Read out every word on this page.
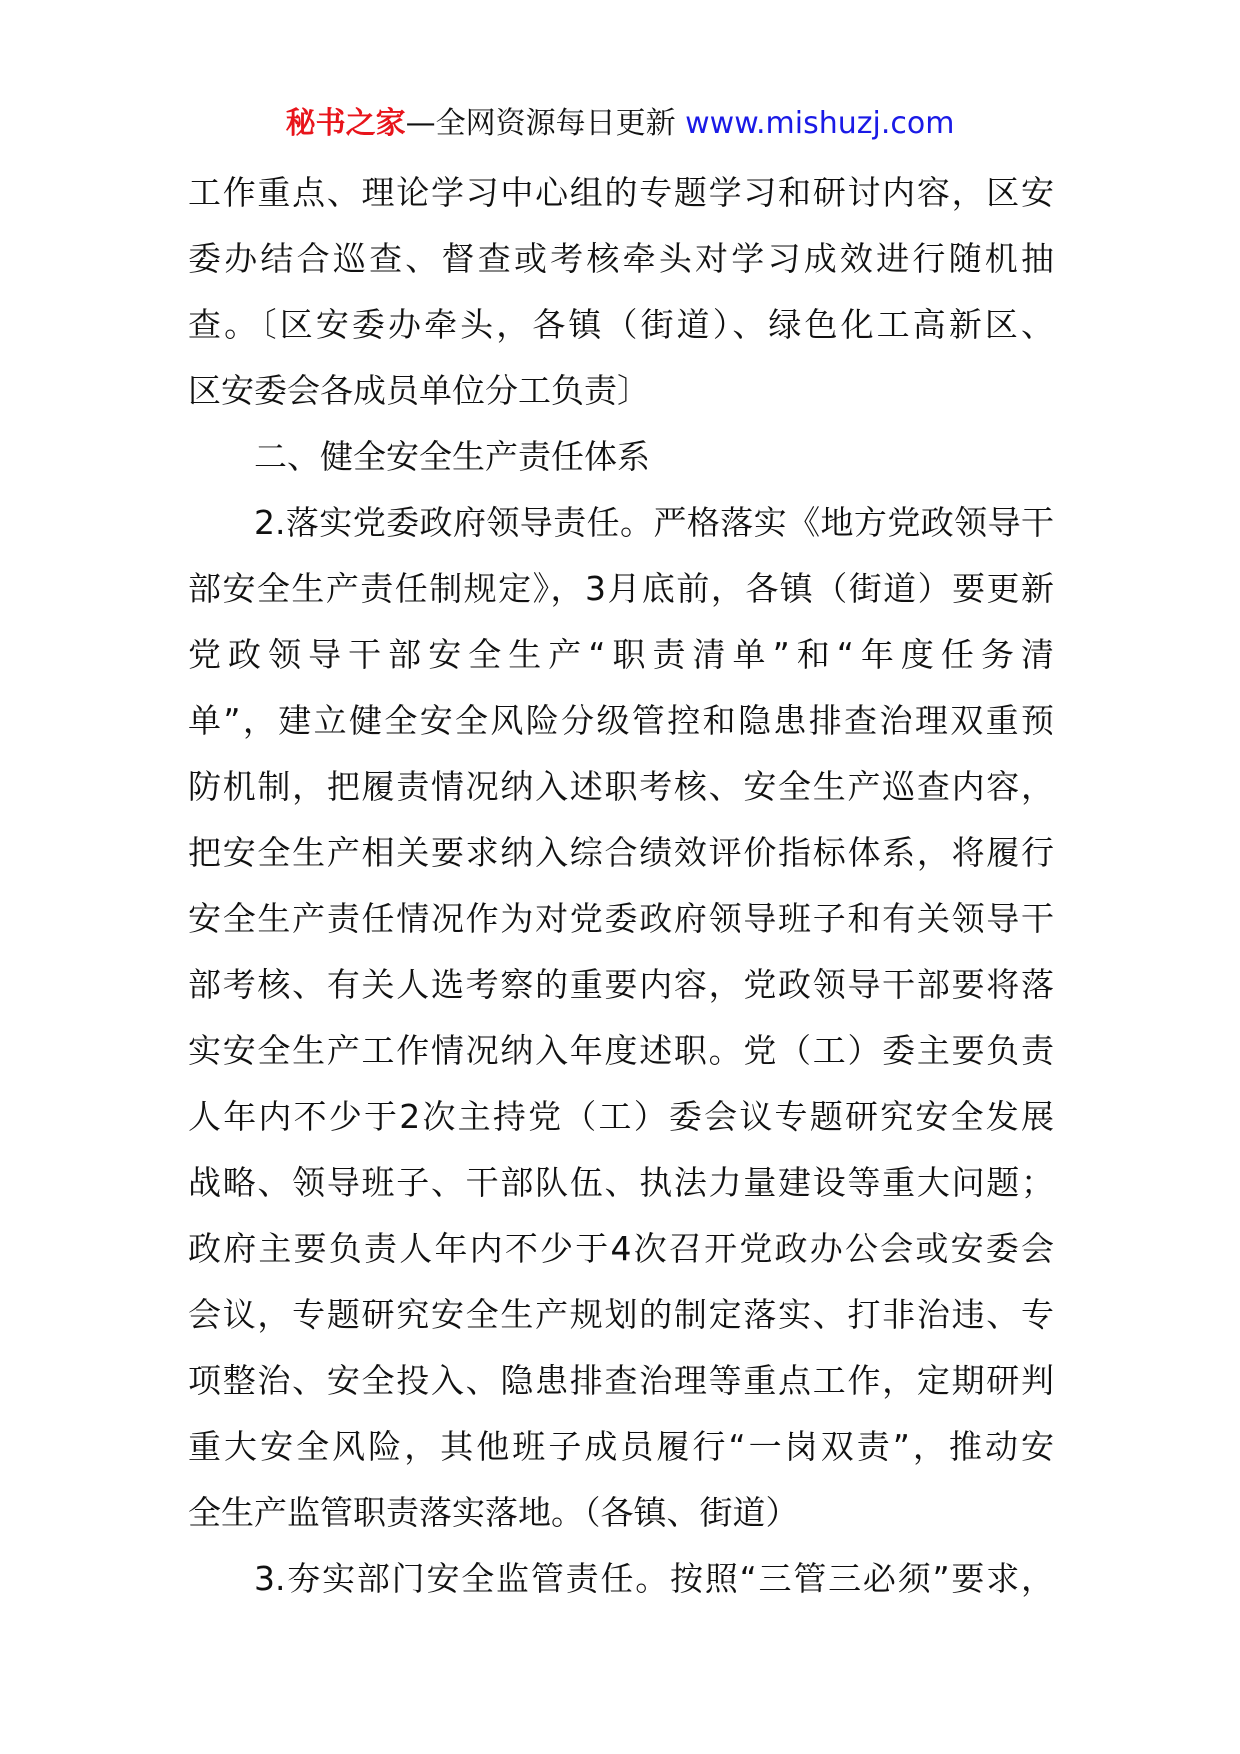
秘书之家—全网资源每日更新 www.mishuzj.com
工作重点、理论学习中心组的专题学习和研讨内容，区安
委办结合巡查、督查或考核牵头对学习成效进行随机抽
查。〔区安委办牵头，各镇（街道）、绿色化工高新区、
区安委会各成员单位分工负责〕
二、健全安全生产责任体系
2.落实党委政府领导责任。严格落实《地方党政领导干
部安全生产责任制规定》，3月底前，各镇（街道）要更新
党政领导干部安全生产“职责清单”和“年度任务清
单”，建立健全安全风险分级管控和隐患排查治理双重预
防机制，把履责情况纳入述职考核、安全生产巡查内容，
把安全生产相关要求纳入综合绩效评价指标体系，将履行
安全生产责任情况作为对党委政府领导班子和有关领导干
部考核、有关人选考察的重要内容，党政领导干部要将落
实安全生产工作情况纳入年度述职。党（工）委主要负责
人年内不少于2次主持党（工）委会议专题研究安全发展
战略、领导班子、干部队伍、执法力量建设等重大问题；
政府主要负责人年内不少于4次召开党政办公会或安委会
会议，专题研究安全生产规划的制定落实、打非治违、专
项整治、安全投入、隐患排查治理等重点工作，定期研判
重大安全风险，其他班子成员履行“一岗双责”，推动安
全生产监管职责落实落地。（各镇、街道）
3.夯实部门安全监管责任。按照“三管三必须”要求，
